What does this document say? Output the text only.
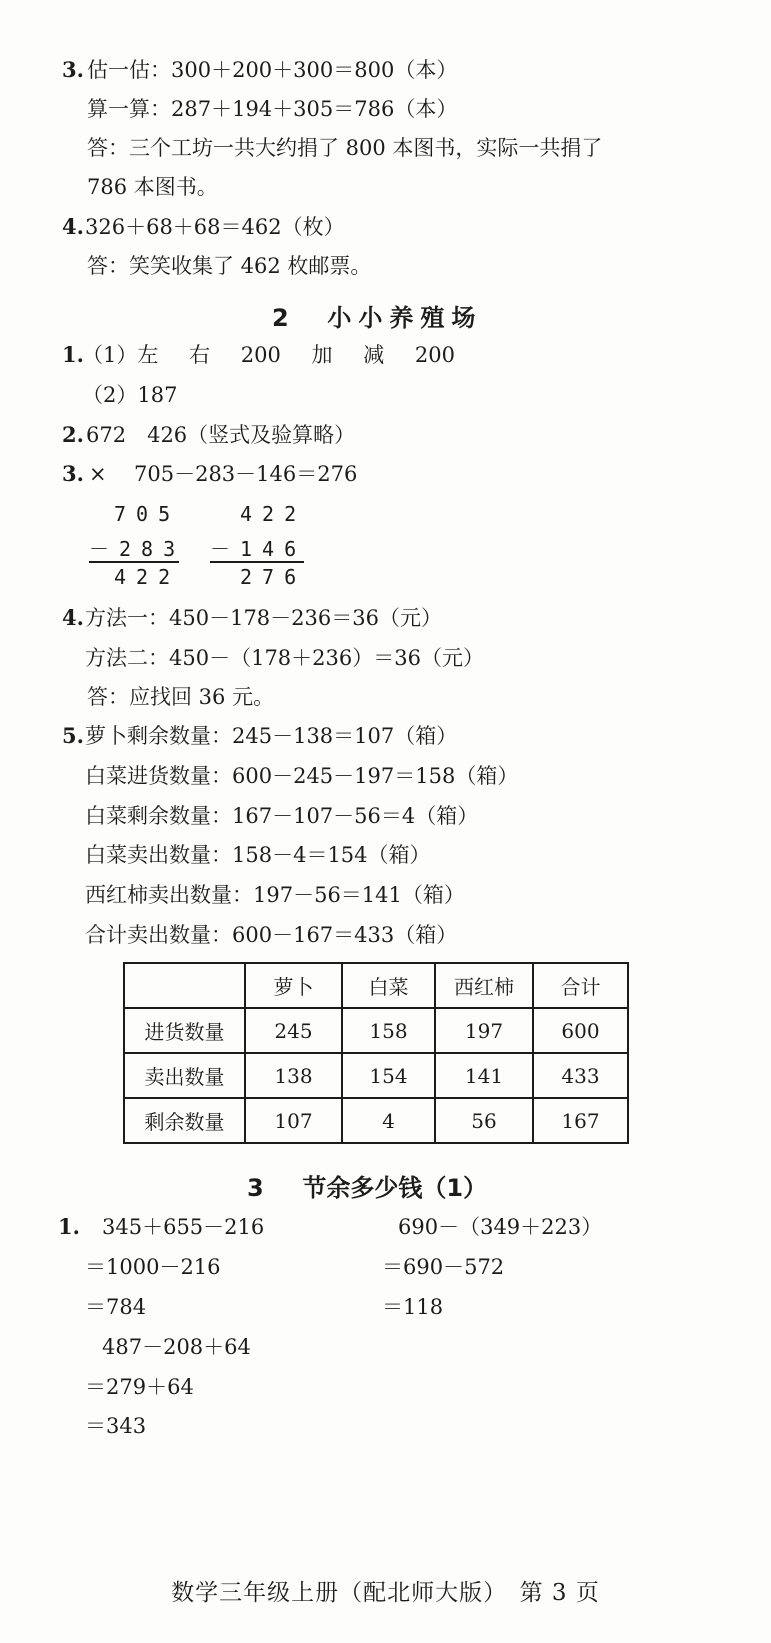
3. 估一估：300＋200＋300＝800（本）
算一算：287＋194＋305＝786（本）
答：三个工坊一共大约捐了 800 本图书，实际一共捐了
786 本图书。
4. 326＋68＋68＝462（枚）
答：笑笑收集了 462 枚邮票。
2 小小养殖场
1.
（1）左 右 200 加 减 200
（2）187
2. 672　426（竖式及验算略）
3. × 705－283－146＝276
705
－283
422
422
－146
276
4. 方法一：450－178－236＝36（元）
方法二：450－（178＋236）＝36（元）
答：应找回 36 元。
5. 萝卜剩余数量：245－138＝107（箱）
白菜进货数量：600－245－197＝158（箱）
白菜剩余数量：167－107－56＝4（箱）
白菜卖出数量：158－4＝154（箱）
西红柿卖出数量：197－56＝141（箱）
合计卖出数量：600－167＝433（箱）
	萝卜	白菜	西红柿	合计
进货数量	245	158	197	600
卖出数量	138	154	141	433
剩余数量	107	4	56	167
3 节余多少钱（1）
1. 345＋655－216
＝1000－216
＝784
487－208＋64
＝279＋64
＝343
690－（349＋223）
＝690－572
＝118
数学三年级上册（配北师大版）　第 3 页
